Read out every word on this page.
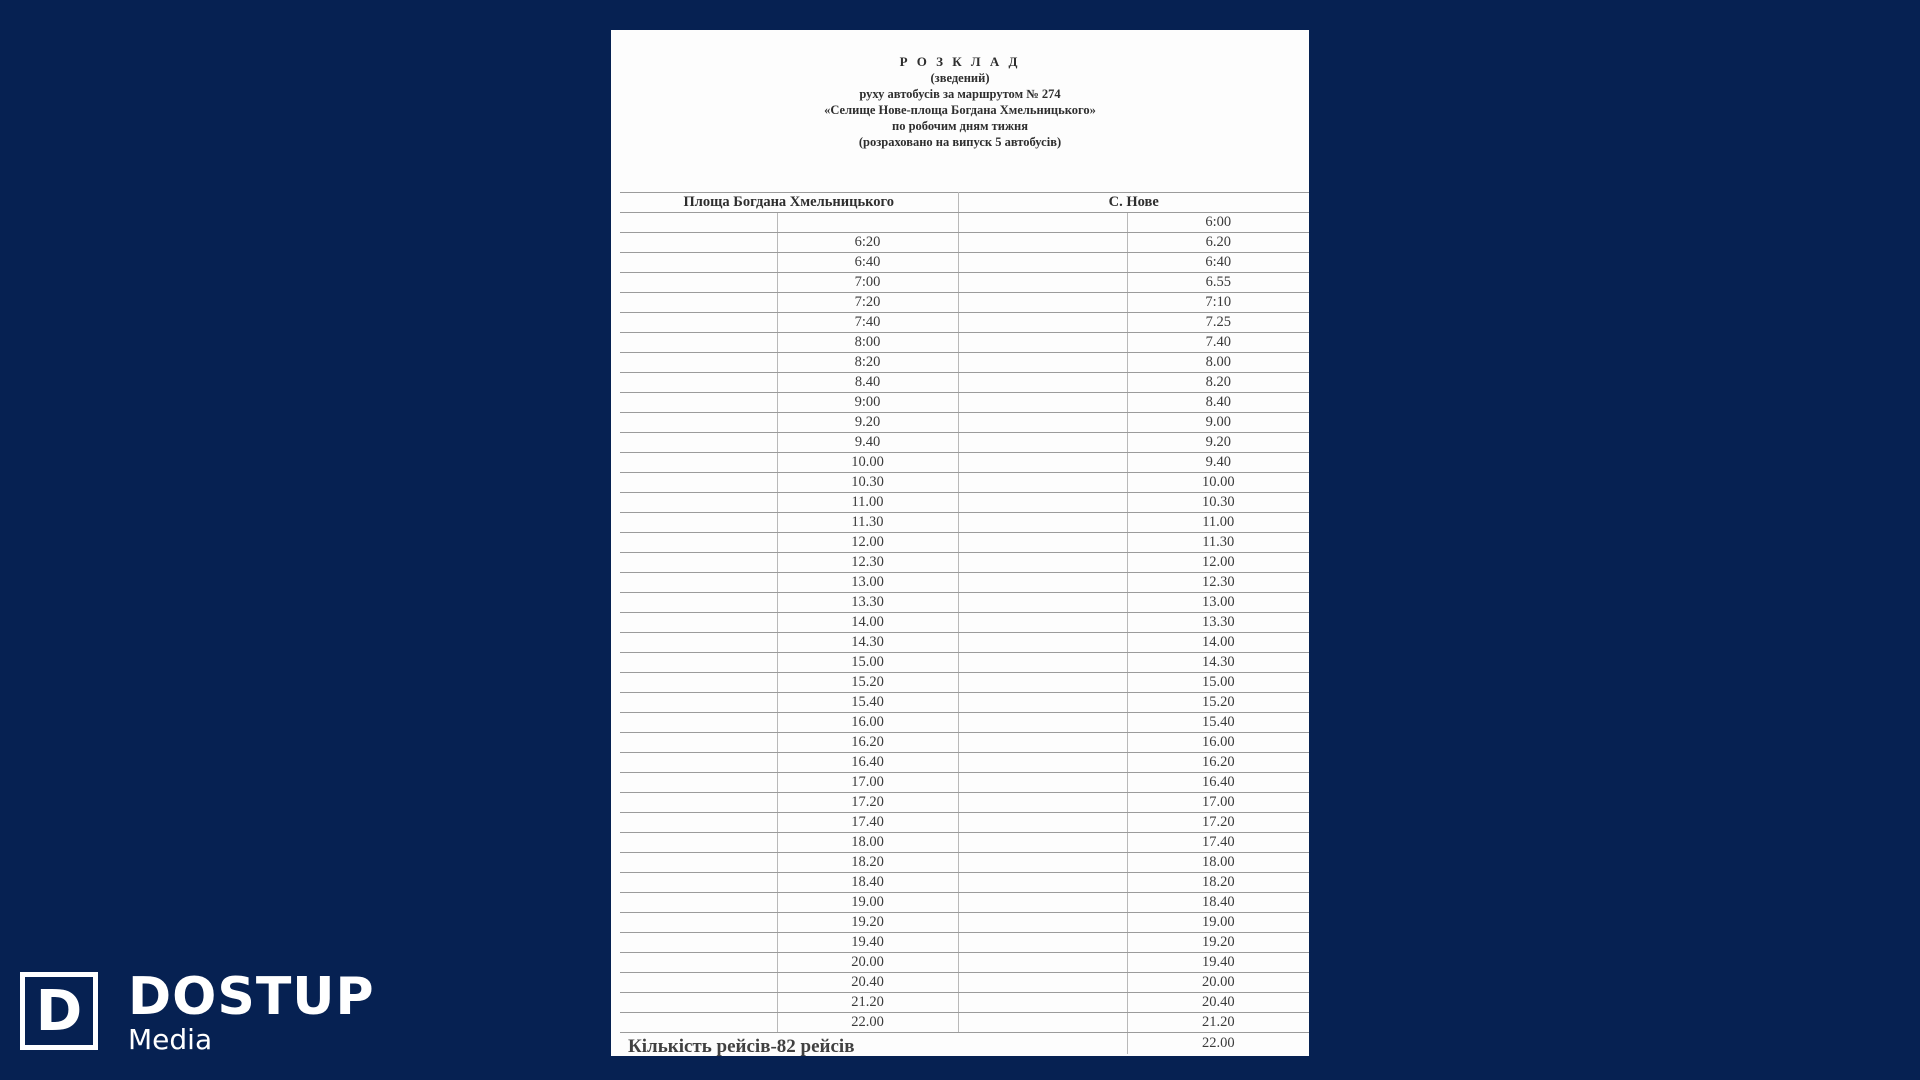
Р О З К Л А Д
(зведений)
руху автобусів за маршрутом № 274
«Селище Нове-площа Богдана Хмельницького»
по робочим дням тижня
(розраховано на випуск 5 автобусів)
Площа Богдана Хмельницького		С. Нове	
			6:00
	6:20		6.20
	6:40		6:40
	7:00		6.55
	7:20		7:10
	7:40		7.25
	8:00		7.40
	8:20		8.00
	8.40		8.20
	9:00		8.40
	9.20		9.00
	9.40		9.20
	10.00		9.40
	10.30		10.00
	11.00		10.30
	11.30		11.00
	12.00		11.30
	12.30		12.00
	13.00		12.30
	13.30		13.00
	14.00		13.30
	14.30		14.00
	15.00		14.30
	15.20		15.00
	15.40		15.20
	16.00		15.40
	16.20		16.00
	16.40		16.20
	17.00		16.40
	17.20		17.00
	17.40		17.20
	18.00		17.40
	18.20		18.00
	18.40		18.20
	19.00		18.40
	19.20		19.00
	19.40		19.20
	20.00		19.40
	20.40		20.00
	21.20		20.40
	22.00		21.20
Кількість рейсів-82 рейсів			22.00
D DOSTUP
Media
